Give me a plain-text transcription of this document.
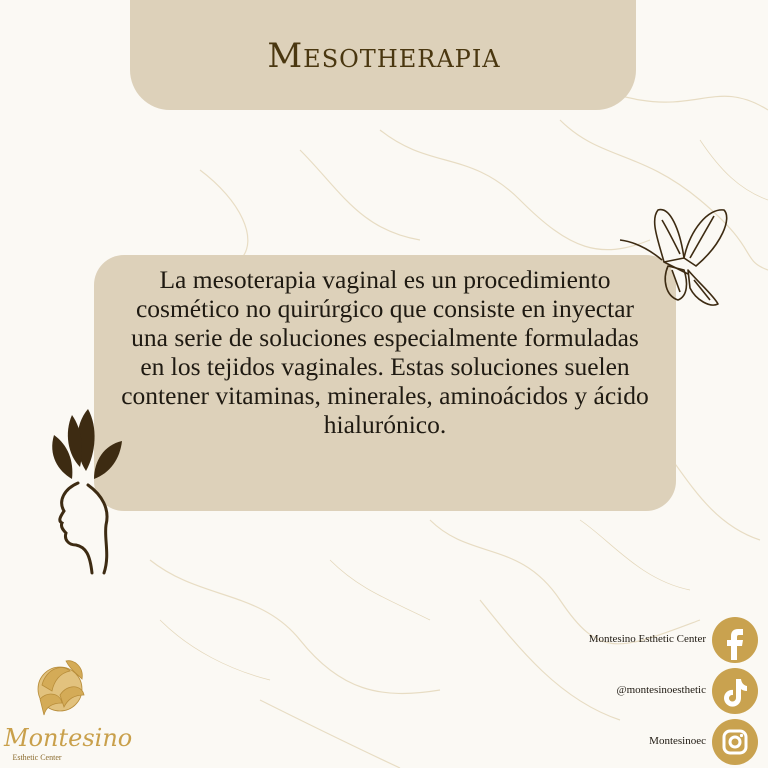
Mesotherapia
La mesoterapia vaginal es un procedimiento cosmético no quirúrgico que consiste en inyectar una serie de soluciones especialmente formuladas en los tejidos vaginales. Estas soluciones suelen contener vitaminas, minerales, aminoácidos y ácido hialurónico.
Montesino
Esthetic Center
Montesino Esthetic Center
@montesinoesthetic
Montesinoec
